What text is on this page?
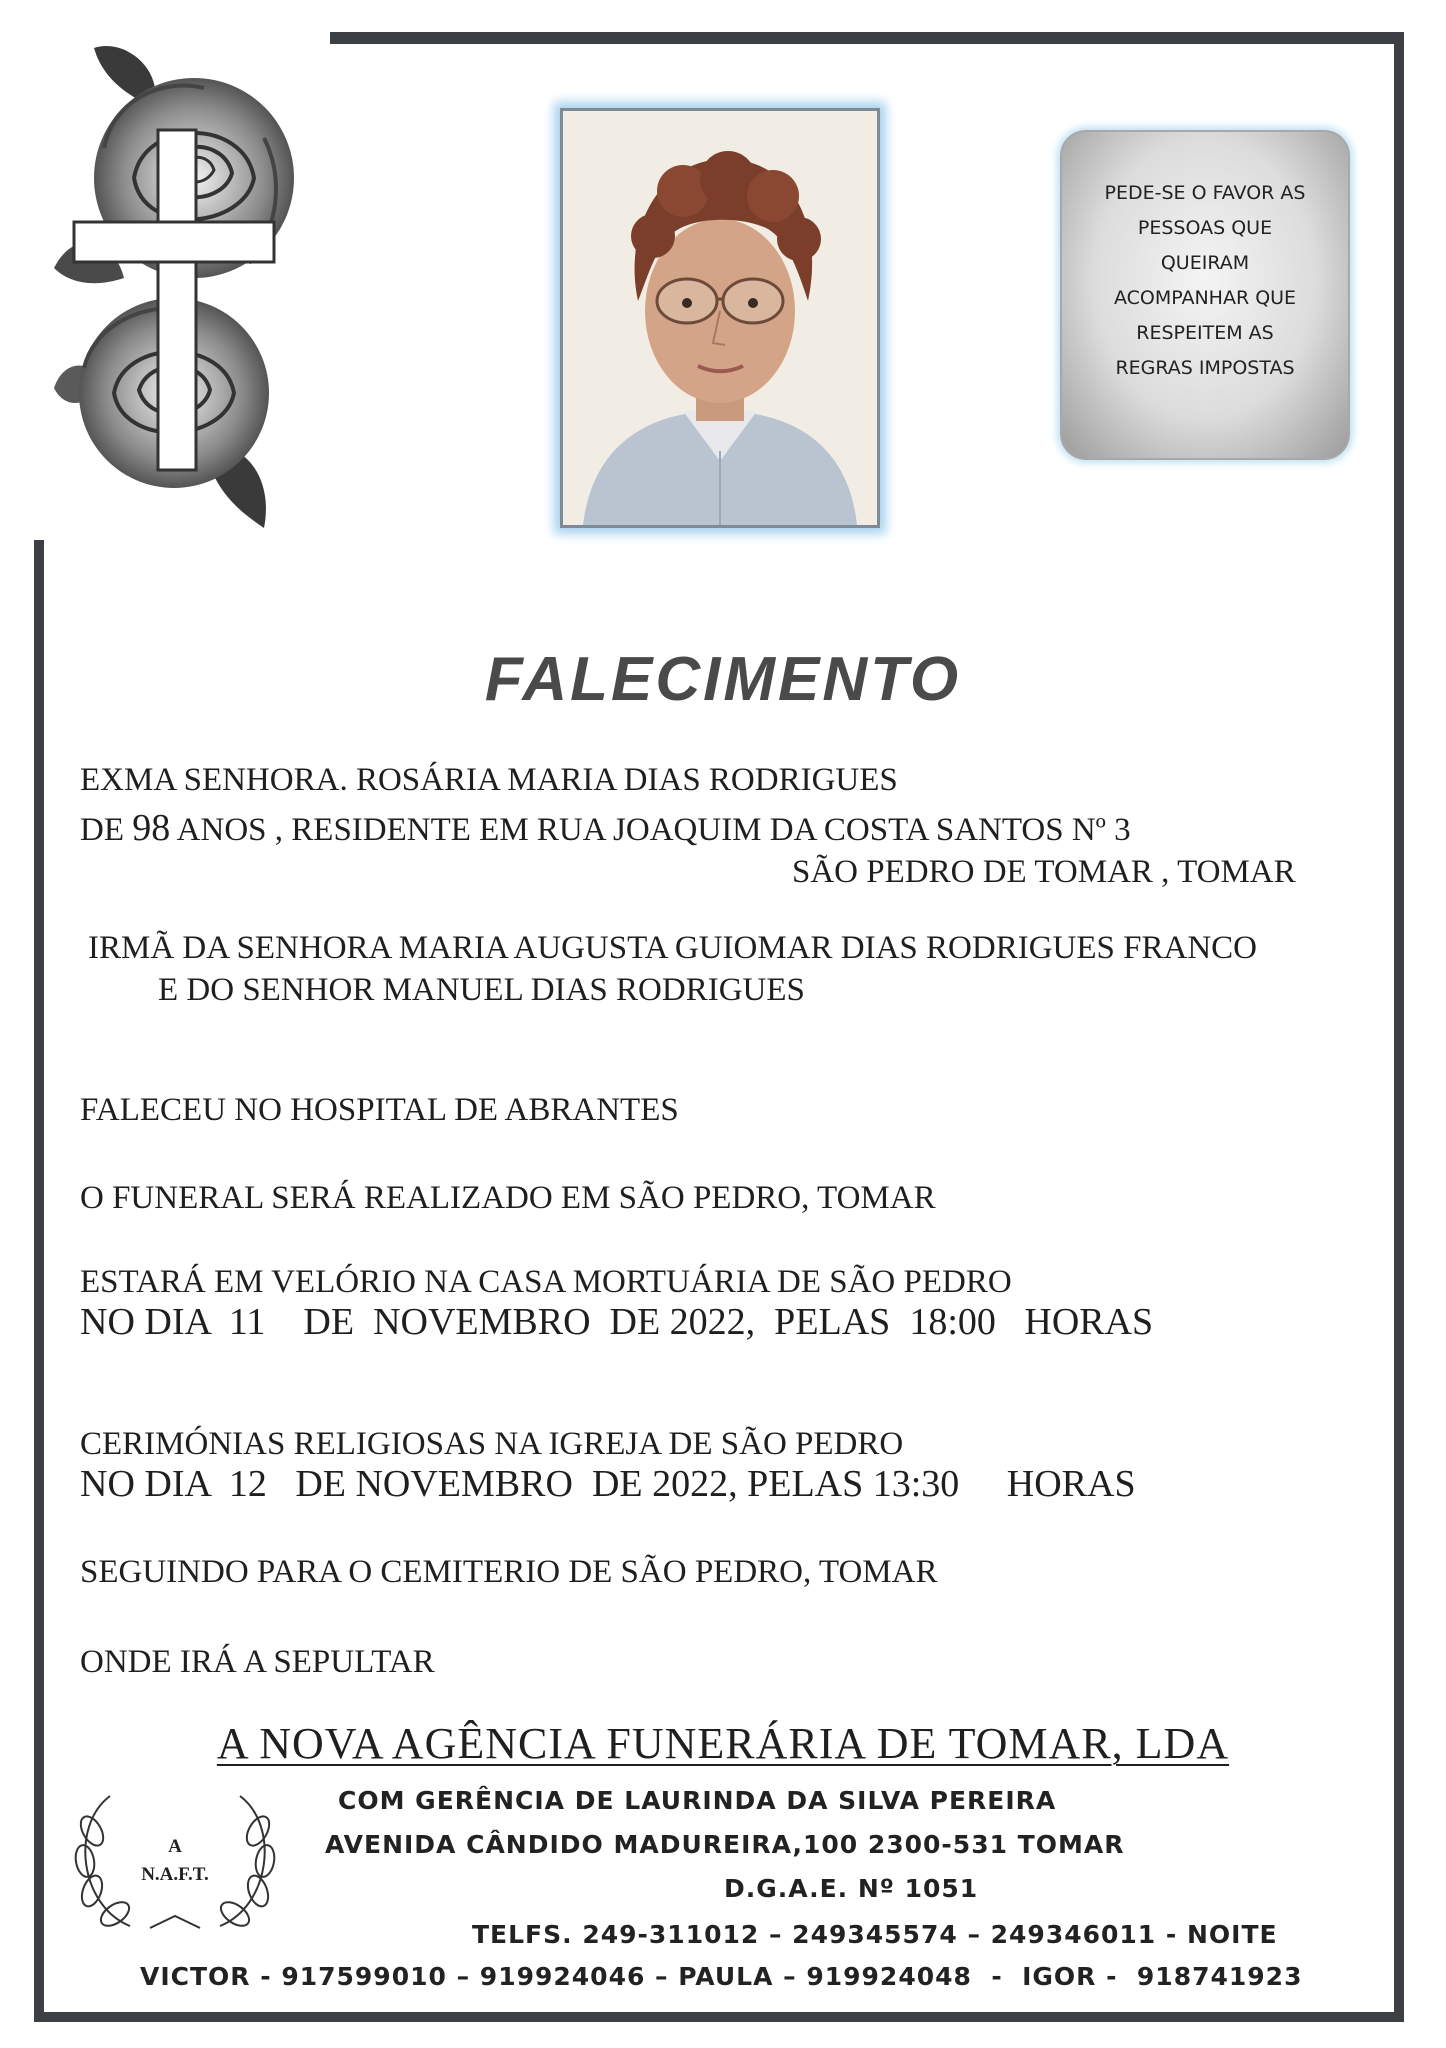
PEDE-SE O FAVOR AS
PESSOAS QUE
QUEIRAM
ACOMPANHAR QUE
RESPEITEM AS
REGRAS IMPOSTAS
FALECIMENTO
EXMA SENHORA. ROSÁRIA MARIA DIAS RODRIGUES
DE 98 ANOS , RESIDENTE EM RUA JOAQUIM DA COSTA SANTOS Nº 3
SÃO PEDRO DE TOMAR , TOMAR
IRMÃ DA SENHORA MARIA AUGUSTA GUIOMAR DIAS RODRIGUES FRANCO
E DO SENHOR MANUEL DIAS RODRIGUES
FALECEU NO HOSPITAL DE ABRANTES
O FUNERAL SERÁ REALIZADO EM SÃO PEDRO, TOMAR
ESTARÁ EM VELÓRIO NA CASA MORTUÁRIA DE SÃO PEDRO
NO DIA  11    DE  NOVEMBRO  DE 2022,  PELAS  18:00   HORAS
CERIMÓNIAS RELIGIOSAS NA IGREJA DE SÃO PEDRO
NO DIA  12   DE NOVEMBRO  DE 2022, PELAS 13:30     HORAS
SEGUINDO PARA O CEMITERIO DE SÃO PEDRO, TOMAR
ONDE IRÁ A SEPULTAR
A NOVA AGÊNCIA FUNERÁRIA DE TOMAR, LDA
A
N.A.F.T.
COM GERÊNCIA DE LAURINDA DA SILVA PEREIRA
AVENIDA CÂNDIDO MADUREIRA,100 2300-531 TOMAR
D.G.A.E. Nº 1051
TELFS. 249-311012 – 249345574 – 249346011 - NOITE
VICTOR - 917599010 – 919924046 – PAULA – 919924048  -  IGOR -  918741923
